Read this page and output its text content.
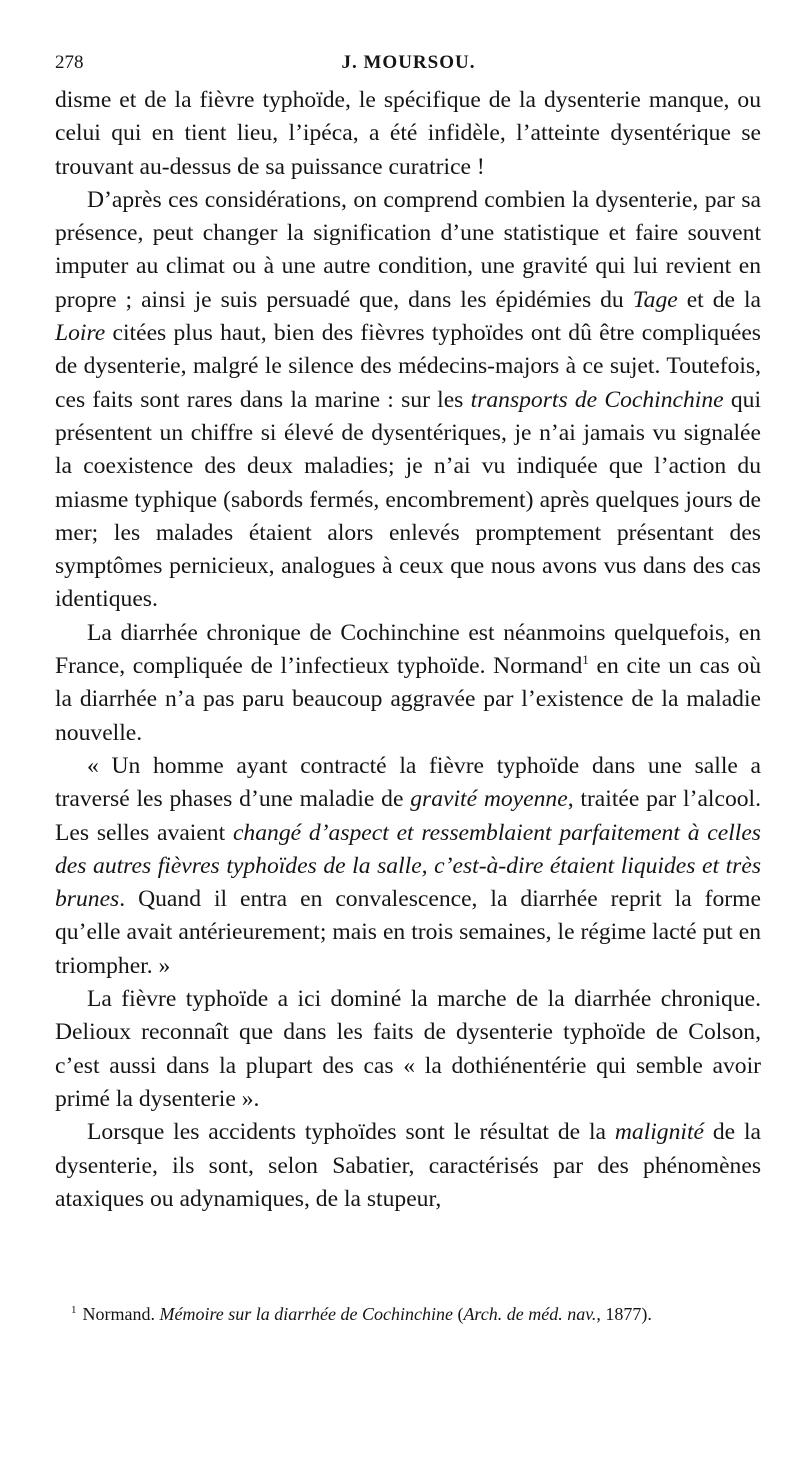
278	J. MOURSOU.

disme et de la fièvre typhoïde, le spécifique de la dysenterie manque, ou celui qui en tient lieu, l’ipéca, a été infidèle, l’atteinte dysentérique se trouvant au-dessus de sa puissance curatrice !

D’après ces considérations, on comprend combien la dysenterie, par sa présence, peut changer la signification d’une statistique et faire souvent imputer au climat ou à une autre condition, une gravité qui lui revient en propre ; ainsi je suis persuadé que, dans les épidémies du Tage et de la Loire citées plus haut, bien des fièvres typhoïdes ont dû être compliquées de dysenterie, malgré le silence des médecins-majors à ce sujet. Toutefois, ces faits sont rares dans la marine : sur les transports de Cochinchine qui présentent un chiffre si élevé de dysentériques, je n’ai jamais vu signalée la coexistence des deux maladies; je n’ai vu indiquée que l’action du miasme typhique (sabords fermés, encombrement) après quelques jours de mer; les malades étaient alors enlevés promptement présentant des symptômes pernicieux, analogues à ceux que nous avons vus dans des cas identiques.

La diarrhée chronique de Cochinchine est néanmoins quelquefois, en France, compliquée de l’infectieux typhoïde. Normand$^1$ en cite un cas où la diarrhée n’a pas paru beaucoup aggravée par l’existence de la maladie nouvelle.

« Un homme ayant contracté la fièvre typhoïde dans une salle a traversé les phases d’une maladie de gravité moyenne, traitée par l’alcool. Les selles avaient changé d’aspect et ressemblaient parfaitement à celles des autres fièvres typhoïdes de la salle, c’est-à-dire étaient liquides et très brunes. Quand il entra en convalescence, la diarrhée reprit la forme qu’elle avait antérieurement; mais en trois semaines, le régime lacté put en triompher. »

La fièvre typhoïde a ici dominé la marche de la diarrhée chronique. Delioux reconnaît que dans les faits de dysenterie typhoïde de Colson, c’est aussi dans la plupart des cas « la dothiénentérie qui semble avoir primé la dysenterie ».

Lorsque les accidents typhoïdes sont le résultat de la malignité de la dysenterie, ils sont, selon Sabatier, caractérisés par des phénomènes ataxiques ou adynamiques, de la stupeur,

$^1$ Normand. Mémoire sur la diarrhée de Cochinchine (Arch. de méd. nav., 1877).
